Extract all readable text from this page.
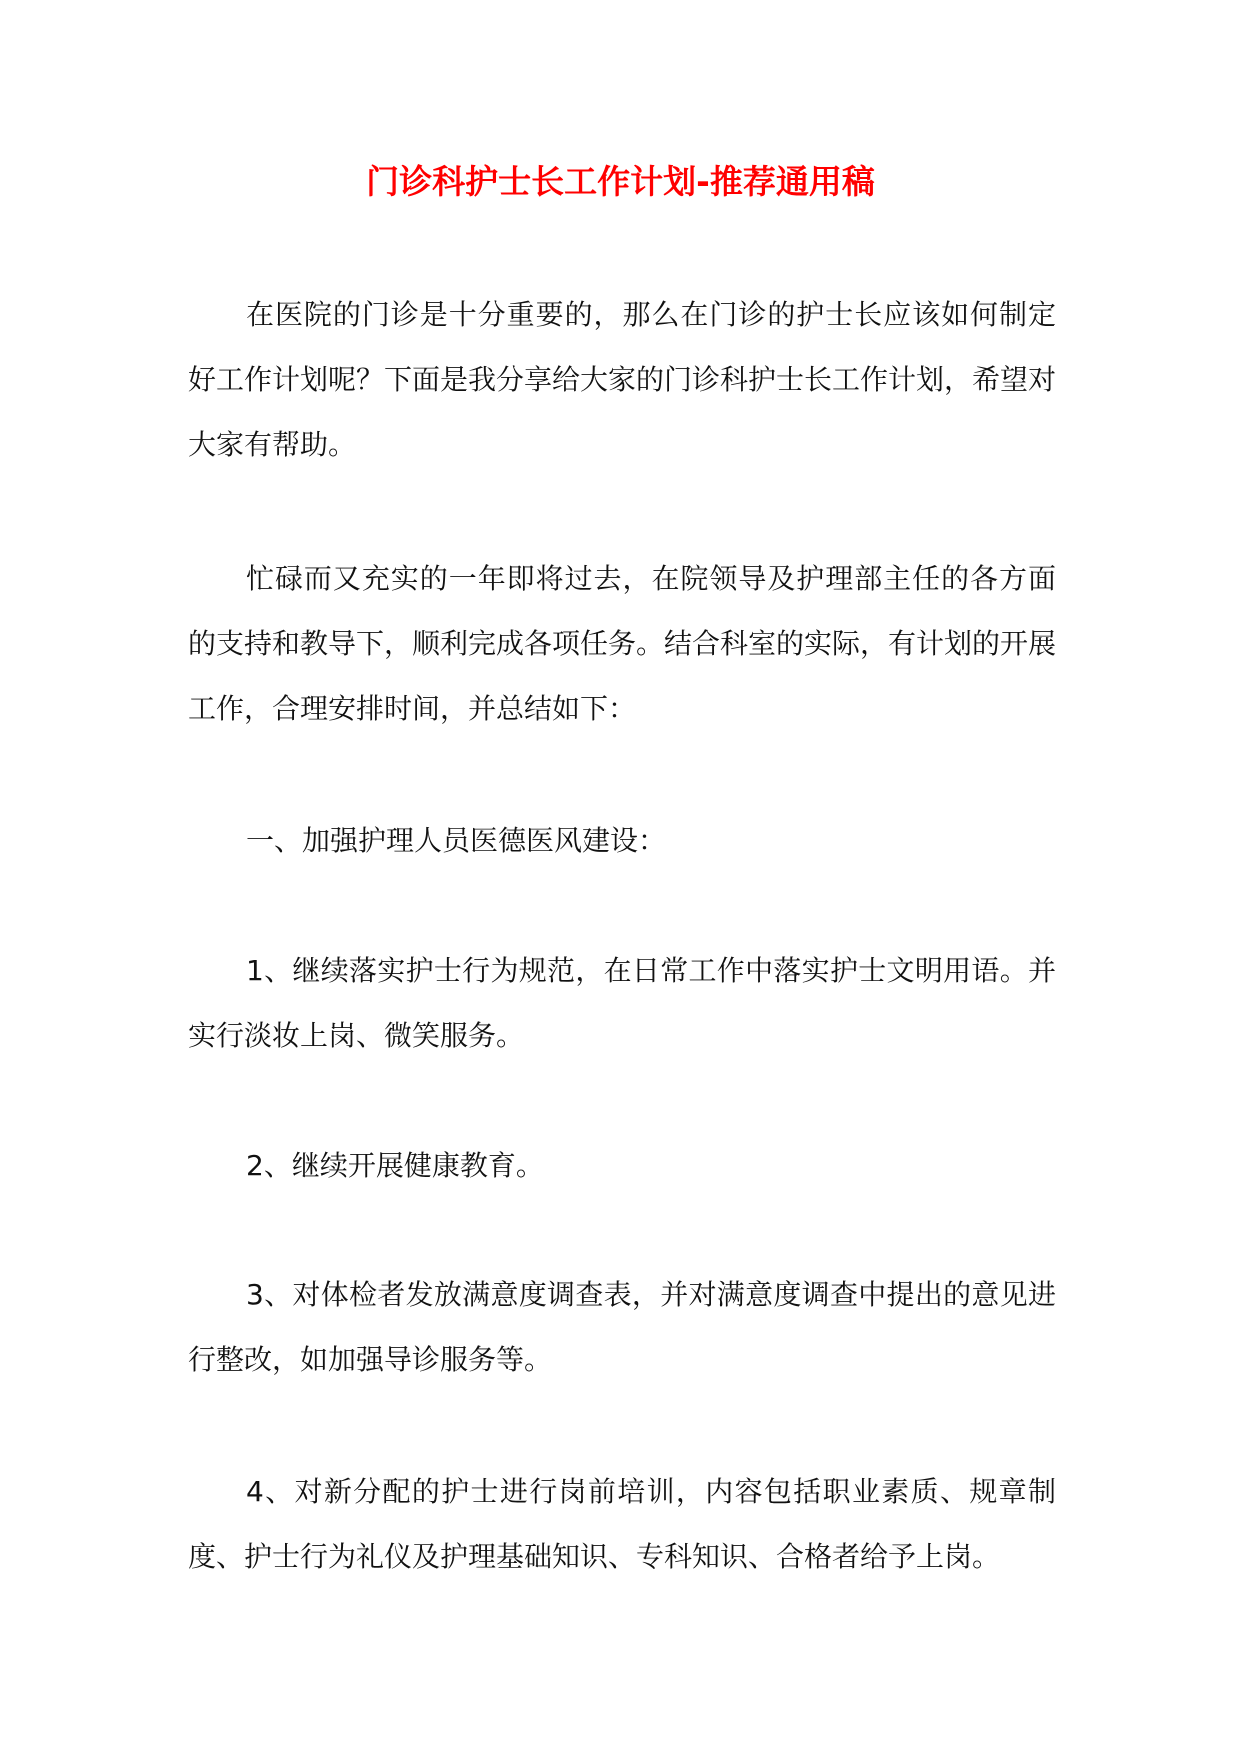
门诊科护士长工作计划-推荐通用稿

在医院的门诊是十分重要的，那么在门诊的护士长应该如何制定好工作计划呢？下面是我分享给大家的门诊科护士长工作计划，希望对大家有帮助。

忙碌而又充实的一年即将过去，在院领导及护理部主任的各方面的支持和教导下，顺利完成各项任务。结合科室的实际，有计划的开展工作，合理安排时间，并总结如下：

一、加强护理人员医德医风建设：

1、继续落实护士行为规范，在日常工作中落实护士文明用语。并实行淡妆上岗、微笑服务。

2、继续开展健康教育。

3、对体检者发放满意度调查表，并对满意度调查中提出的意见进行整改，如加强导诊服务等。

4、对新分配的护士进行岗前培训，内容包括职业素质、规章制度、护士行为礼仪及护理基础知识、专科知识、合格者给予上岗。
